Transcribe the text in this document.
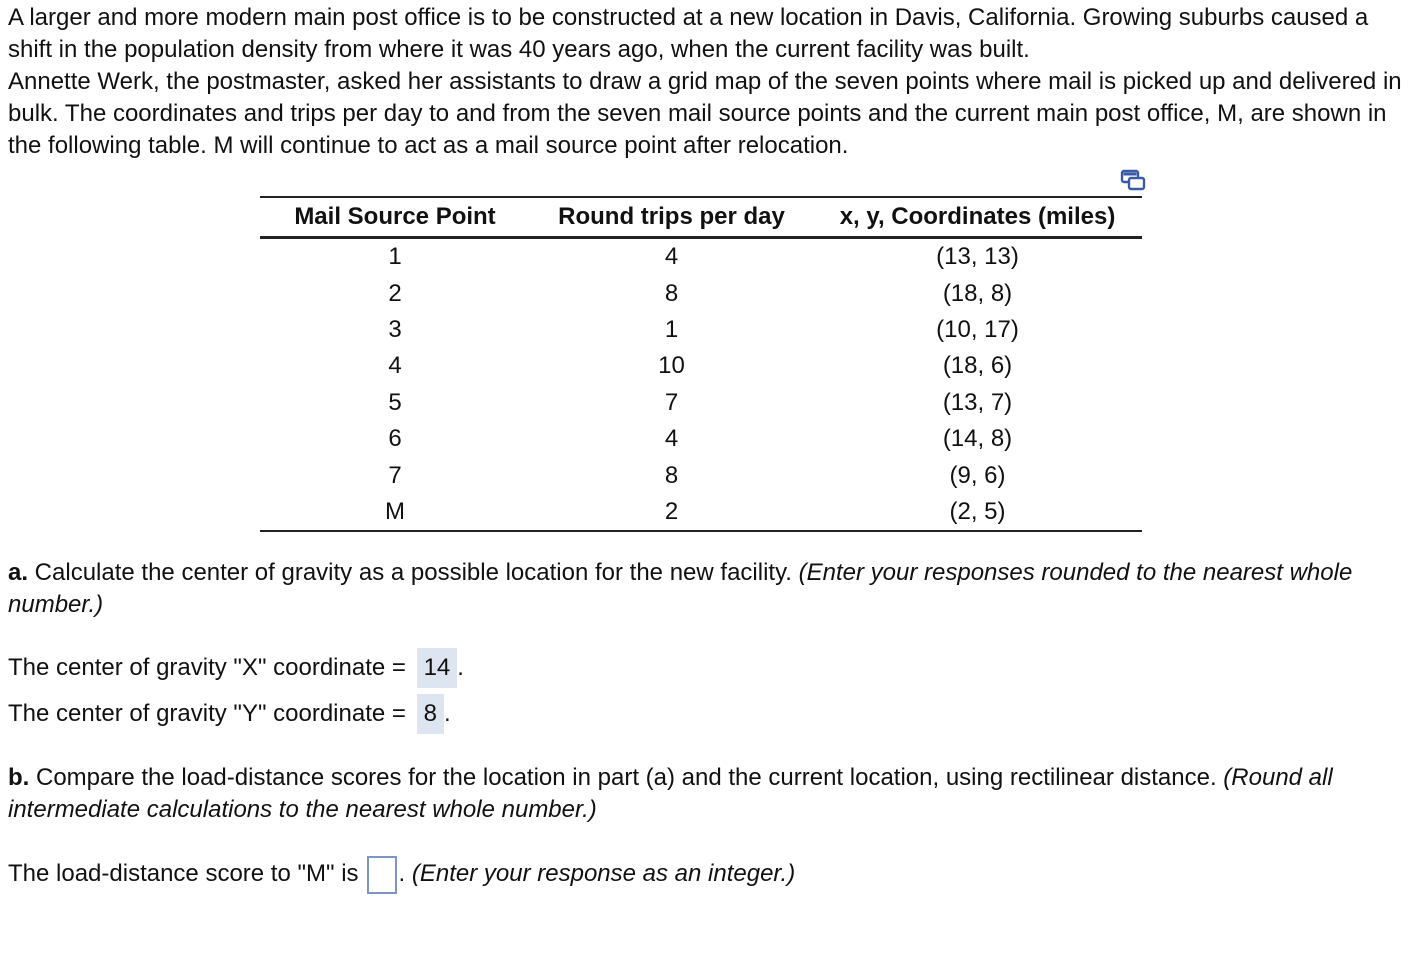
A larger and more modern main post office is to be constructed at a new location in Davis, California. Growing suburbs caused a shift in the population density from where it was 40 years ago, when the current facility was built.

Annette Werk, the postmaster, asked her assistants to draw a grid map of the seven points where mail is picked up and delivered in bulk. The coordinates and trips per day to and from the seven mail source points and the current main post office, M, are shown in the following table. M will continue to act as a mail source point after relocation.

Mail Source Point	Round trips per day	x, y, Coordinates (miles)
1	4	(13, 13)
2	8	(18, 8)
3	1	(10, 17)
4	10	(18, 6)
5	7	(13, 7)
6	4	(14, 8)
7	8	(9, 6)
M	2	(2, 5)

a. Calculate the center of gravity as a possible location for the new facility. (Enter your responses rounded to the nearest whole number.)

The center of gravity "X" coordinate = 14 .
The center of gravity "Y" coordinate = 8 .

b. Compare the load-distance scores for the location in part (a) and the current location, using rectilinear distance. (Round all intermediate calculations to the nearest whole number.)

The load-distance score to "M" is . (Enter your response as an integer.)
